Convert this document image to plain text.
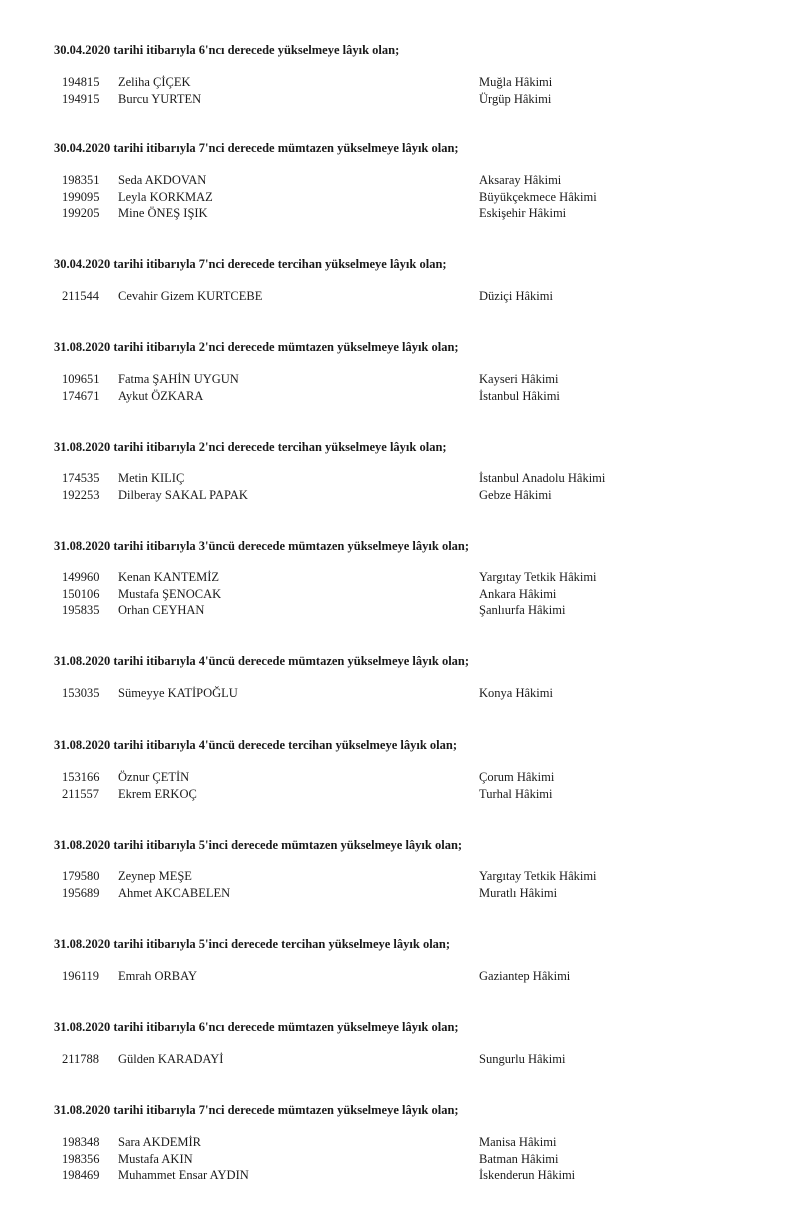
30.04.2020 tarihi itibarıyla 6'ncı derecede yükselmeye lâyık olan;
194815	Zeliha ÇİÇEK	Muğla Hâkimi
194915	Burcu YURTEN	Ürgüp Hâkimi
30.04.2020 tarihi itibarıyla 7'nci derecede mümtazen yükselmeye lâyık olan;
198351	Seda AKDOVAN	Aksaray Hâkimi
199095	Leyla KORKMAZ	Büyükçekmece Hâkimi
199205	Mine ÖNEŞ IŞIK	Eskişehir Hâkimi
30.04.2020 tarihi itibarıyla 7'nci derecede tercihan yükselmeye lâyık olan;
211544	Cevahir Gizem KURTCEBE	Düziçi Hâkimi
31.08.2020 tarihi itibarıyla 2'nci derecede mümtazen yükselmeye lâyık olan;
109651	Fatma ŞAHİN UYGUN	Kayseri Hâkimi
174671	Aykut ÖZKARA	İstanbul Hâkimi
31.08.2020 tarihi itibarıyla 2'nci derecede tercihan yükselmeye lâyık olan;
174535	Metin KILIÇ	İstanbul Anadolu Hâkimi
192253	Dilberay SAKAL PAPAK	Gebze Hâkimi
31.08.2020 tarihi itibarıyla 3'üncü derecede mümtazen yükselmeye lâyık olan;
149960	Kenan KANTEMİZ	Yargıtay Tetkik Hâkimi
150106	Mustafa ŞENOCAK	Ankara Hâkimi
195835	Orhan CEYHAN	Şanlıurfa Hâkimi
31.08.2020 tarihi itibarıyla 4'üncü derecede mümtazen yükselmeye lâyık olan;
153035	Sümeyye KATİPOĞLU	Konya Hâkimi
31.08.2020 tarihi itibarıyla 4'üncü derecede tercihan yükselmeye lâyık olan;
153166	Öznur ÇETİN	Çorum Hâkimi
211557	Ekrem ERKOÇ	Turhal Hâkimi
31.08.2020 tarihi itibarıyla 5'inci derecede mümtazen yükselmeye lâyık olan;
179580	Zeynep MEŞE	Yargıtay Tetkik Hâkimi
195689	Ahmet AKCABELEN	Muratlı Hâkimi
31.08.2020 tarihi itibarıyla 5'inci derecede tercihan yükselmeye lâyık olan;
196119	Emrah ORBAY	Gaziantep Hâkimi
31.08.2020 tarihi itibarıyla 6'ncı derecede mümtazen yükselmeye lâyık olan;
211788	Gülden KARADAYİ	Sungurlu Hâkimi
31.08.2020 tarihi itibarıyla 7'nci derecede mümtazen yükselmeye lâyık olan;
198348	Sara AKDEMİR	Manisa Hâkimi
198356	Mustafa AKIN	Batman Hâkimi
198469	Muhammet Ensar AYDIN	İskenderun Hâkimi
